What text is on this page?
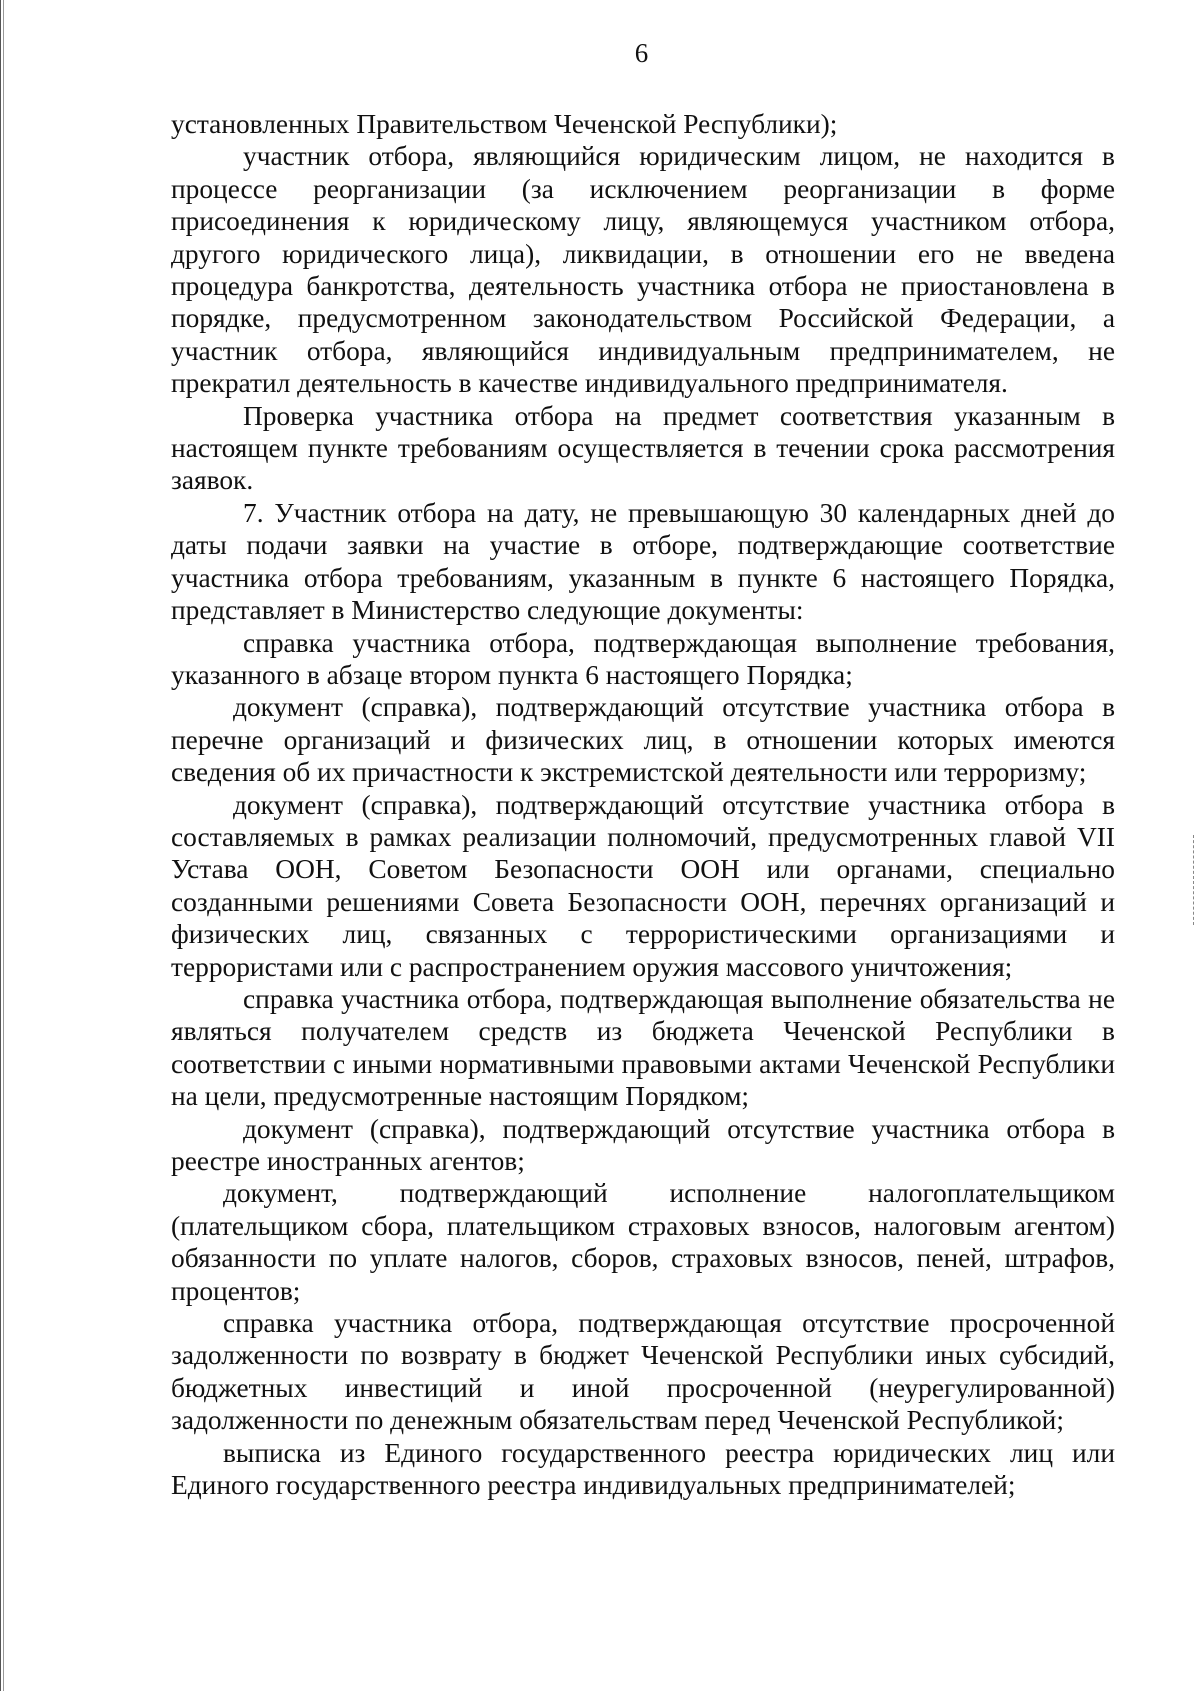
6

установленных Правительством Чеченской Республики);

участник отбора, являющийся юридическим лицом, не находится в процессе реорганизации (за исключением реорганизации в форме присоединения к юридическому лицу, являющемуся участником отбора, другого юридического лица), ликвидации, в отношении его не введена процедура банкротства, деятельность участника отбора не приостановлена в порядке, предусмотренном законодательством Российской Федерации, а участник отбора, являющийся индивидуальным предпринимателем, не прекратил деятельность в качестве индивидуального предпринимателя.

Проверка участника отбора на предмет соответствия указанным в настоящем пункте требованиям осуществляется в течении срока рассмотрения заявок.

7. Участник отбора на дату, не превышающую 30 календарных дней до даты подачи заявки на участие в отборе, подтверждающие соответствие участника отбора требованиям, указанным в пункте 6 настоящего Порядка, представляет в Министерство следующие документы:

справка участника отбора, подтверждающая выполнение требования, указанного в абзаце втором пункта 6 настоящего Порядка;

документ (справка), подтверждающий отсутствие участника отбора в перечне организаций и физических лиц, в отношении которых имеются сведения об их причастности к экстремистской деятельности или терроризму;

документ (справка), подтверждающий отсутствие участника отбора в составляемых в рамках реализации полномочий, предусмотренных главой VII Устава ООН, Советом Безопасности ООН или органами, специально созданными решениями Совета Безопасности ООН, перечнях организаций и физических лиц, связанных с террористическими организациями и террористами или с распространением оружия массового уничтожения;

справка участника отбора, подтверждающая выполнение обязательства не являться получателем средств из бюджета Чеченской Республики в соответствии с иными нормативными правовыми актами Чеченской Республики на цели, предусмотренные настоящим Порядком;

документ (справка), подтверждающий отсутствие участника отбора в реестре иностранных агентов;

документ, подтверждающий исполнение налогоплательщиком (плательщиком сбора, плательщиком страховых взносов, налоговым агентом) обязанности по уплате налогов, сборов, страховых взносов, пеней, штрафов, процентов;

справка участника отбора, подтверждающая отсутствие просроченной задолженности по возврату в бюджет Чеченской Республики иных субсидий, бюджетных инвестиций и иной просроченной (неурегулированной) задолженности по денежным обязательствам перед Чеченской Республикой;

выписка из Единого государственного реестра юридических лиц или Единого государственного реестра индивидуальных предпринимателей;
